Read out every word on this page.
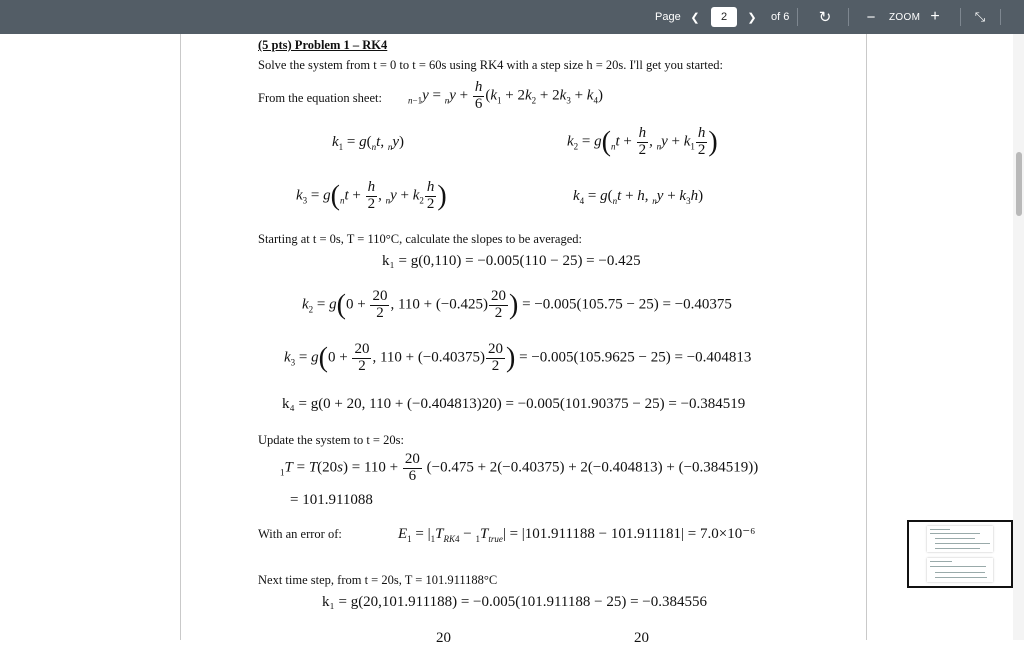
Page ❮	2	❯ of 6 ↻ − ZOOM +	⤡
(5 pts) Problem 1 – RK4
Solve the system from t = 0 to t = 60s using RK4 with a step size h = 20s. I'll get you started:
From the equation sheet:	$_{n-1}y = _ny + \frac{h}{6} (k_1 + 2k_2 + 2k_3 + k_4)$
$k_1 = g(_nt$, $_n$y)	$k_2 = g(_nt + \frac{h}{2}$ , $_ny + k_1 \frac{h}{2}$ )
$k_3 = g(_nt + \frac{h}{2}$ , $_ny + k_2 \frac{h}{2}$ )	$k_4 = g(_nt + h$, $_ny + k_3h$)
Starting at t = 0s, T = 110°C, calculate the slopes to be averaged:
k₁ = g(0,110) = −0.005(110 − 25) = −0.425
$k_2 = g(0 + \frac{20}{2}$ , $110 + (-0.425) \frac{20}{2}$ ) = −0.005(105.75 − 25) = −0.40375
$k_3 = g(0 + \frac{20}{2}$ , $110 + (-0.40375) \frac{20}{2}$ ) = −0.005(105.9625 − 25) = −0.404813
k₄ = g(0 + 20, 110 + (−0.404813)20) = −0.005(101.90375 − 25) = −0.384519
Update the system to t = 20s:
$_1T = T(20s) = 110 + \frac{20}{6} (-0.475 + 2(-0.40375) + 2(-0.404813) + (-0.384519))$
= 101.911088
With an error of:	$E_1 = |_1T_{RK4} - _1T_{true}| = |101.911188 - 101.911181| = 7.0\times 10^{-6}$
Next time step, from t = 20s, T = 101.911188°C
k₁ = g(20,101.911188) = −0.005(101.911188 − 25) = −0.384556
20	20
